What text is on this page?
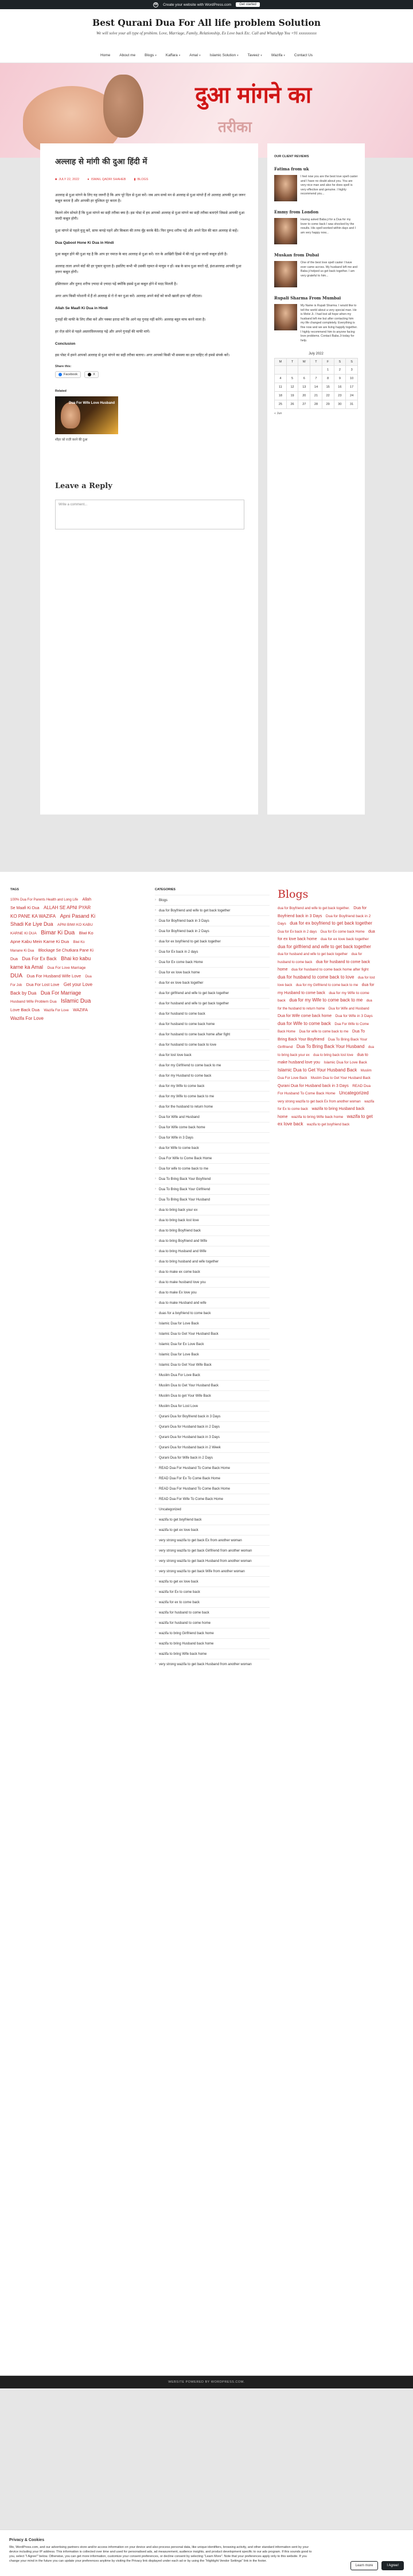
W Create your website with WordPress.com	Get started
Best Qurani Dua For All life problem Solution
We will solve your all type of problem. Love, Marriage, Family, Relationship, Ex Love back Etc. Call and WhatsApp You +91 xxxxxxxxxx
Home About me Blogs ▾ Kaffara ▾ Amal ▾ Islamic Solution ▾ Taveez ▾ Wazifa ▾ Contact Us
दुआ मांगने का
तरीका
अल्लाह से मांगी की दुआ हिंदी में
■ JULY 22, 2022	● ISMAIL QADRI SHAHEB	▮ BLOGS

अल्लाह से दुआ मांगने के लिए यह जरूरी है कि आप पूरे दिल से दुआ करें। जब आप सच्चे मन से अल्लाह से दुआ मांगते हैं तो अल्लाह आपकी दुआ जरूर कबूल करता है और आपकी हर मुश्किल दूर करता है।

कितने लोग सोचते हैं कि दुआ मांगने का सही तरीका क्या है। इस पोस्ट में हम आपको अल्लाह से दुआ मांगने का सही तरीका बताएंगे जिससे आपकी दुआ जल्दी कबूल होगी।

दुआ मांगने से पहले वुज़ू करें, साफ कपड़े पहनें और किबला की तरफ मुँह करके बैठें। फिर दुरूद शरीफ पढ़ें और अपने दिल की बात अल्लाह से कहें।

Dua Qabool Hone Ki Dua in Hindi

दुआ कबूल होने की दुआ यह है कि आप हर नमाज़ के बाद अल्लाह से दुआ करें। रात के आखिरी हिस्से में की गई दुआ जल्दी कबूल होती है।

अल्लाह ताला अपने बंदों की हर पुकार सुनता है। इसलिए कभी भी उसकी रहमत से मायूस न हों। सब्र के साथ दुआ करते रहें, इंशाअल्लाह आपकी दुआ ज़रूर कबूल होगी।

इस्तिग़फ़ार और दुरूद शरीफ ज़्यादा से ज़्यादा पढ़ें क्योंकि इससे दुआ कबूल होने में मदद मिलती है।

अगर आप किसी परेशानी में हैं तो अल्लाह से रो रो कर दुआ करें। अल्लाह अपने बंदों को कभी खाली हाथ नहीं लौटाता।

Allah Se Maafi Ki Dua in Hindi

गुनाहों की माफी के लिए तौबा करें और पक्का इरादा करें कि आगे वह गुनाह नहीं करेंगे। अल्लाह बहुत माफ करने वाला है।

हर रोज़ सोने से पहले अस्तग़फ़िरुल्लाह पढ़ें और अपने गुनाहों की माफी मांगें।

Conclusion

इस पोस्ट में हमने आपको अल्लाह से दुआ मांगने का सही तरीका बताया। अगर आपको किसी भी समस्या का हल चाहिए तो हमसे संपर्क करें।

Share this:
Facebook	X
Related
Dua For Wife Love Husband
शौहर को राज़ी करने की दुआ
Leave a Reply
Write a comment...
OUR CLIENT REVIEWS
Fatima from uk
I feel now you are the best love spell caster and I have no doubt about you. You are very nice man and also he does spell is very effective and genuine. I highly recommend you...
Emmy from London
Having asked Baba ji for a Dua for my lover to come back I was shocked by the results. His spell worked within days and I am very happy now...
Muskan from Dubai
One of the best love spell caster I have ever came across. My husband left me and Baba ji helped us get back together. I am very grateful to him...
Rupali Sharma From Mumbai
My Name is Rupali Sharma. I would like to tell the world about a very special man. He is Molvi Ji. I had lost all hope when my husband left me but after contacting him my life changed completely. Everything is fine now and we are living happily together. I highly recommend him to anyone facing love problems. Contact Baba Ji today for help.
July 2022
M	T	W	T	F	S	S
				1	2	3
4	5	6	7	8	9	10
11	12	13	14	15	16	17
18	19	20	21	22	23	24
25	26	27	28	29	30	31
« Jun
TAGS
100% Dua For Parents Health and Long Life Allah Se Maafi Ki Dua ALLAH SE APNI PYAR KO PANE KA WAZIFA Apni Pasand Ki Shadi Ke Liye Dua APNI BIWI KO KABU KARNE KI DUA Bimar Ki Dua Biwi Ko Apne Kabu Mein Karne Ki Dua Biwi Ko Manane Ki Dua Blockage Se Chutkara Pane Ki Dua Dua For Ex Back Bhai ko kabu karne ka Amal Dua For Love Marriage DUA Dua For Husband Wife Love Dua For Job Dua For Lost Love Get your Love Back by Dua Dua For Marriage Husband Wife Problem Dua Islamic Dua Love Back Dua Wazifa For Love WAZIFA Wazifa For Love
CATEGORIES
› Blogs
› dua for Boyfriend and wife to get back together
› Dua for Boyfriend back in 3 Days
› Dua for Boyfriend back in 2 Days
› dua for ex boyfriend to get back together
› Dua for Ex back in 2 days
› Dua for Ex come back Home
› Dua for ex love back home
› dua for ex love back together
› dua for girlfriend and wife to get back together
› dua for husband and wife to get back together
› dua for husband to come back
› dua for husband to come back home
› dua for husband to come back home after fight
› dua for husband to come back to love
› dua for lost love back
› dua for my Girlfriend to come back to me
› dua for my Husband to come back
› dua for my Wife to come back
› dua for my Wife to come back to me
› dua for the husband to return home
› Dua for Wife and Husband
› Dua for Wife come back home
› Dua for Wife in 3 Days
› dua for Wife to come back
› Dua For Wife to Come Back Home
› Dua for wife to come back to me
› Dua To Bring Back Your Boyfriend
› Dua To Bring Back Your Girlfriend
› Dua To Bring Back Your Husband
› dua to bring back your ex
› dua to bring back lost love
› dua to bring Boyfriend back
› dua to bring Boyfriend and Wife
› dua to bring Husband and Wife
› dua to bring husband and wife together
› dua to make ex come back
› dua to make husband love you
› dua to make Ex love you
› dua to make Husband and wife
› duas for a boyfriend to come back
› Islamic Dua for Love Back
› Islamic Dua to Get Your Husband Back
› Islamic Dua for Ex Love Back
› Islamic Dua for Love Back
› Islamic Dua to Get Your Wife Back
› Muslim Dua For Love Back
› Muslim Dua to Get Your Husband Back
› Muslim Dua to get Your Wife Back
› Muslim Dua for Lost Love
› Qurani Dua for Boyfriend back in 3 Days
› Qurani Dua for Husband back in 2 Days
› Qurani Dua for Husband back in 3 Days
› Qurani Dua for Husband back in 2 Week
› Qurani Dua for Wife back in 2 Days
› READ Dua For Husband To Come Back Home
› READ Dua For Ex To Come Back Home
› READ Dua For Husband To Come Back Home
› READ Dua For Wife To Come Back Home
› Uncategorized
› wazifa to get boyfriend back
› wazifa to get ex love back
› very strong wazifa to get back Ex from another woman
› very strong wazifa to get back Girlfriend from another woman
› very strong wazifa to get back Husband from another woman
› very strong wazifa to get back Wife from another woman
› wazifa to get ex love back
› wazifa for Ex to come back
› wazifa for ex to come back
› wazifa for husband to come back
› wazifa for husband to come home
› wazifa to bring Girlfriend back home
› wazifa to bring Husband back home
› wazifa to bring Wife back home
› very strong wazifa to get back Husband from another woman
Blogs
dua for Boyfriend and wife to get back together. Dua for Boyfriend back in 3 Days Dua for Boyfriend back in 2 Days dua for ex boyfriend to get back together Dua for Ex back in 2 days Dua for Ex come back Home dua for ex love back home dua for ex love back together dua for girlfriend and wife to get back together dua for husband and wife to get back together dua for husband to come back dua for husband to come back home dua for husband to come back home after fight dua for husband to come back to love dua for lost love back dua for my Girlfriend to come back to me dua for my Husband to come back dua for my Wife to come back dua for my Wife to come back to me dua for the husband to return home Dua for Wife and Husband Dua for Wife come back home Dua for Wife in 3 Days dua for Wife to come back Dua For Wife to Come Back Home Dua for wife to come back to me Dua To Bring Back Your Boyfriend Dua To Bring Back Your Girlfriend Dua To Bring Back Your Husband dua to bring back your ex dua to bring back lost love dua to make husband love you Islamic Dua for Love Back Islamic Dua to Get Your Husband Back Muslim Dua For Love Back Muslim Dua to Get Your Husband Back Qurani Dua for Husband back in 3 Days READ Dua For Husband To Come Back Home Uncategorized very strong wazifa to get back Ex from another woman wazifa for Ex to come back wazifa to bring Husband back home wazifa to bring Wife back home wazifa to get ex love back wazifa to get boyfriend back
WEBSITE POWERED BY WORDPRESS.COM.
Privacy & Cookies
We, WordPress.com, and our advertising partners store and/or access information on your device and also process personal data, like unique identifiers, browsing activity, and other standard information sent by your device including your IP address. This information is collected over time and used for personalised ads, ad measurement, audience insights, and product development specific to our ads program. If this sounds good to you, select "I Agree!" below. Otherwise, you can get more information, customize your consent preferences, or decline consent by selecting "Learn More". Note that your preferences apply only to this website. If you change your mind in the future you can update your preferences anytime by visiting the Privacy link displayed under each ad or by using the "Highlight Vendor Settings" link in the footer.
Learn more	I Agree!
